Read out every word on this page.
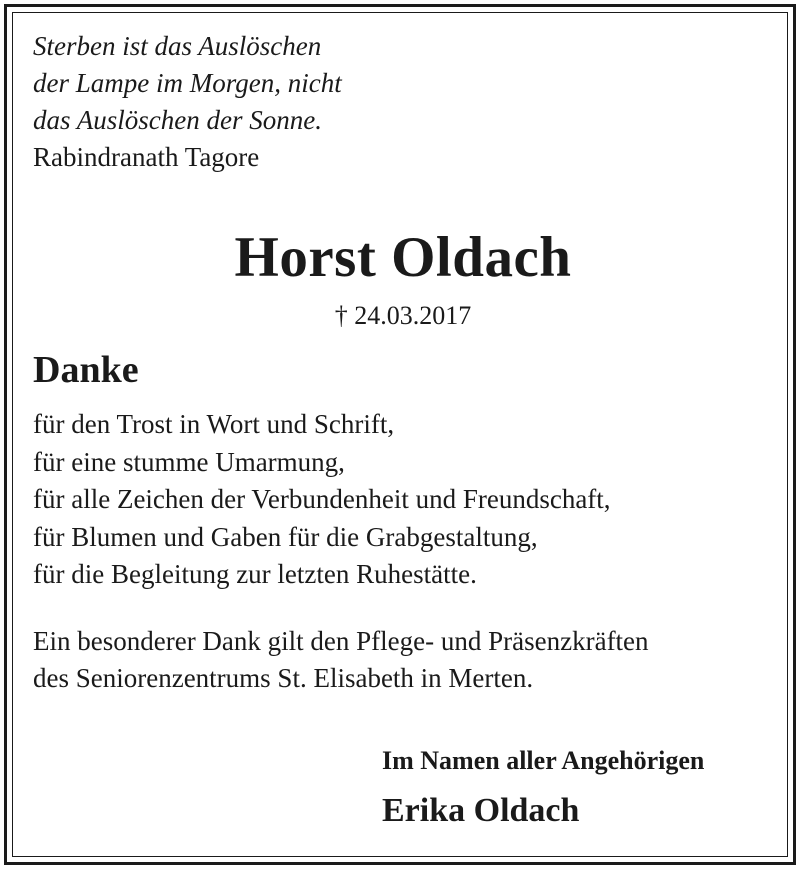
Sterben ist das Auslöschen
der Lampe im Morgen, nicht
das Auslöschen der Sonne.
Rabindranath Tagore
Horst Oldach
† 24.03.2017
Danke
für den Trost in Wort und Schrift,
für eine stumme Umarmung,
für alle Zeichen der Verbundenheit und Freundschaft,
für Blumen und Gaben für die Grabgestaltung,
für die Begleitung zur letzten Ruhestätte.
Ein besonderer Dank gilt den Pflege- und Präsenzkräften
des Seniorenzentrums St. Elisabeth in Merten.
Im Namen aller Angehörigen
Erika Oldach
